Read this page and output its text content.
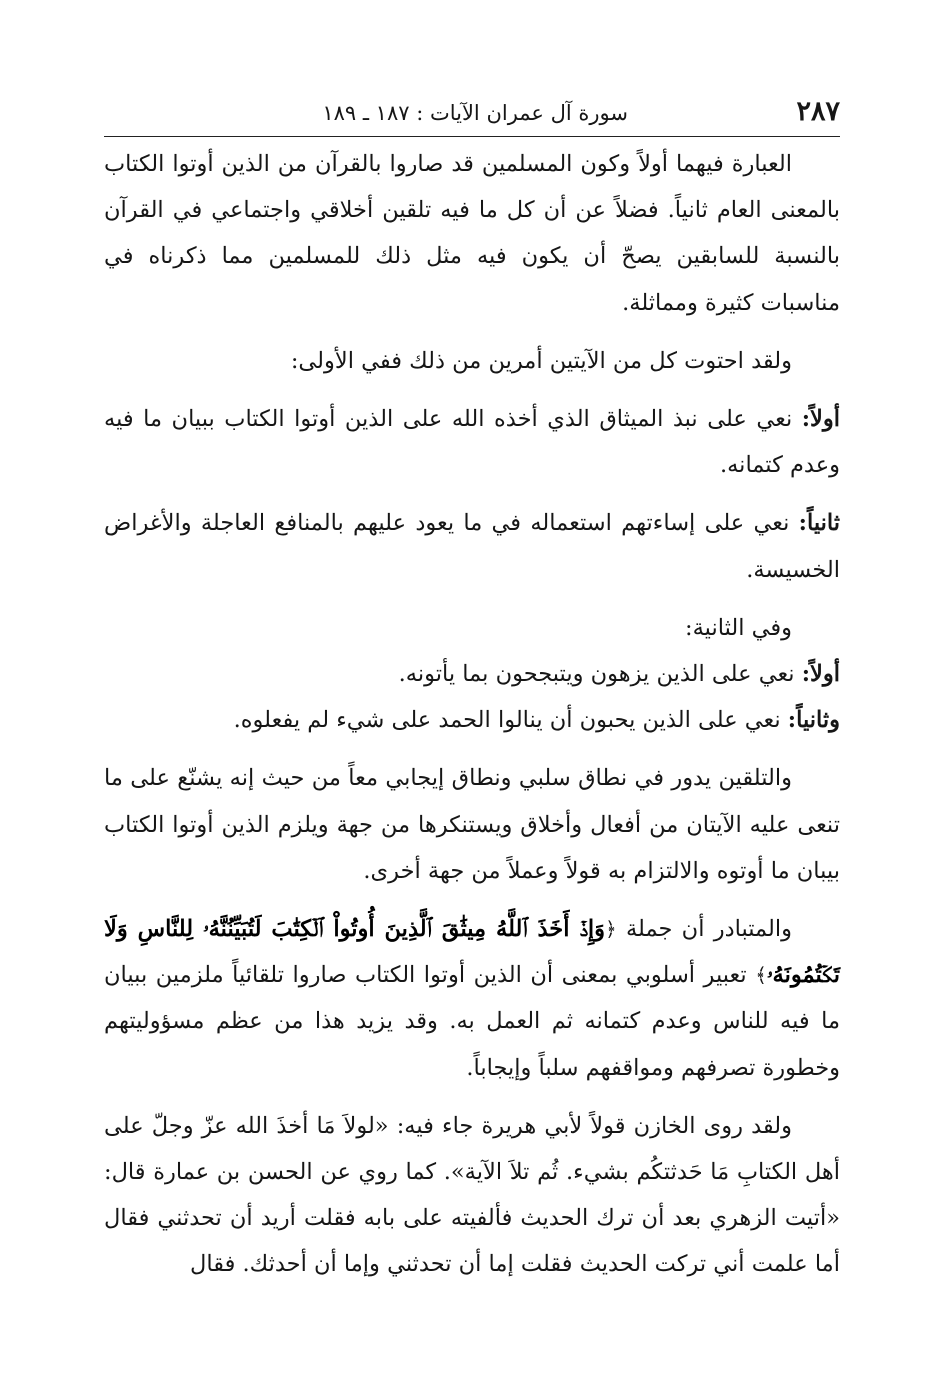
٢٨٧
سورة آل عمران الآيات : ١٨٧ ـ ١٨٩

العبارة فيهما أولاً وكون المسلمين قد صاروا بالقرآن من الذين أوتوا الكتاب بالمعنى العام ثانياً. فضلاً عن أن كل ما فيه تلقين أخلاقي واجتماعي في القرآن بالنسبة للسابقين يصحّ أن يكون فيه مثل ذلك للمسلمين مما ذكرناه في مناسبات كثيرة ومماثلة.

ولقد احتوت كل من الآيتين أمرين من ذلك ففي الأولى:

أولاً: نعي على نبذ الميثاق الذي أخذه الله على الذين أوتوا الكتاب ببيان ما فيه وعدم كتمانه.

ثانياً: نعي على إساءتهم استعماله في ما يعود عليهم بالمنافع العاجلة والأغراض الخسيسة.

وفي الثانية:

أولاً: نعي على الذين يزهون ويتبجحون بما يأتونه.

وثانياً: نعي على الذين يحبون أن ينالوا الحمد على شيء لم يفعلوه.

والتلقين يدور في نطاق سلبي ونطاق إيجابي معاً من حيث إنه يشنّع على ما تنعى عليه الآيتان من أفعال وأخلاق ويستنكرها من جهة ويلزم الذين أوتوا الكتاب بيبان ما أوتوه والالتزام به قولاً وعملاً من جهة أخرى.

والمتبادر أن جملة ﴿وَإِذۡ أَخَذَ ٱللَّهُ مِيثَٰقَ ٱلَّذِينَ أُوتُواْ ٱلۡكِتَٰبَ لَتُبَيِّنُنَّهُۥ لِلنَّاسِ وَلَا تَكۡتُمُونَهُۥ﴾ تعبير أسلوبي بمعنى أن الذين أوتوا الكتاب صاروا تلقائياً ملزمين ببيان ما فيه للناس وعدم كتمانه ثم العمل به. وقد يزيد هذا من عظم مسؤوليتهم وخطورة تصرفهم ومواقفهم سلباً وإيجاباً.

ولقد روى الخازن قولاً لأبي هريرة جاء فيه: «لولاَ مَا أخذَ الله عزّ وجلّ على أهل الكتابِ مَا حَدثتكُم بشيء. ثُم تلاَ الآية». كما روي عن الحسن بن عمارة قال: «أتيت الزهري بعد أن ترك الحديث فألفيته على بابه فقلت أريد أن تحدثني فقال أما علمت أني تركت الحديث فقلت إما أن تحدثني وإما أن أحدثك. فقال
